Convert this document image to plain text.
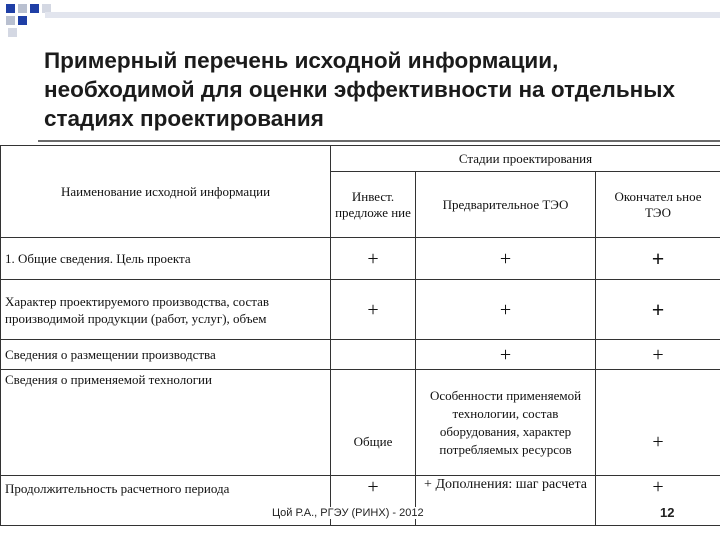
Примерный перечень исходной информации, необходимой для оценки эффективности на отдельных стадиях проектирования
Наименование исходной информации	Стадии проектирования		
	Инвест. предложе ние	Предварительное ТЭО	Окончател ьное ТЭО
1. Общие сведения. Цель проекта	+	+	+
Характер проектируемого производства, состав производимой продукции (работ, услуг), объем	+	+	+
Сведения о размещении производства		+	+
Сведения о применяемой технологии	Общие	Особенности применяемой технологии, состав оборудования, характер потребляемых ресурсов	+
Продолжительность расчетного периода	+	+ Дополнения: шаг расчета	+
Цой Р.А., РГЭУ (РИНХ) - 2012	12
